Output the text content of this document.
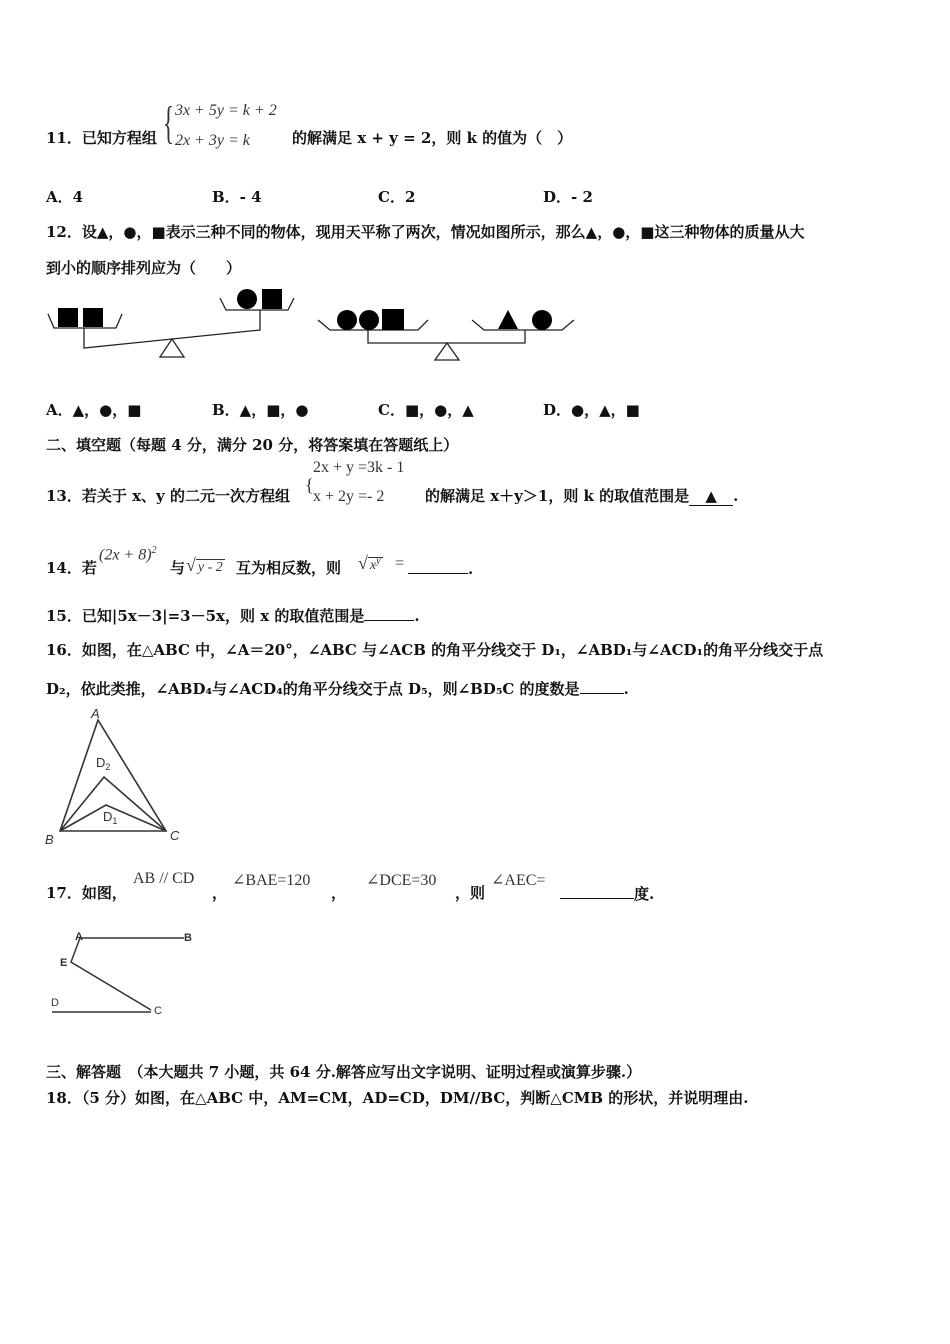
11．已知方程组 { 3x + 5y = k + 2
2x + 3y = k	的解满足 x + y = 2，则 k 的值为（　）
A．4	B．- 4	C．2	D．- 2
12．设▲，●，■表示三种不同的物体，现用天平称了两次，情况如图所示，那么▲，●，■这三种物体的质量从大
到小的顺序排列应为（　　）
A．▲，●，■	B．▲，■，●	C．■，●，▲	D．●，▲，■
二、填空题（每题 4 分，满分 20 分，将答案填在答题纸上）
13．若关于 x、y 的二元一次方程组
{
2x + y =3k - 1
x + 2y =- 2	的解满足 x＋y＞1，则 k 的取值范围是 ▲ .
14．若
$(2x + 8)^2$
与 √ y - 2 互为相反数，则 √ $x^y$ =	.
15．已知|5x－3|=3－5x，则 x 的取值范围是	.
16．如图，在△ABC 中，∠A＝20°，∠ABC 与∠ACB 的角平分线交于 D₁，∠ABD₁与∠ACD₁的角平分线交于点
D₂，依此类推，∠ABD₄与∠ACD₄的角平分线交于点 D₅，则∠BD₅C 的度数是	.
A
B	C
$D_2$
$D_1$
17．如图，
AB // CD
，
∠BAE=120
，
∠DCE=30
，则
∠AEC=
度.
A	B
E
D
C
三、解答题　（本大题共 7 小题，共 64 分.解答应写出文字说明、证明过程或演算步骤.）
18．（5 分）如图，在△ABC 中，AM=CM，AD=CD，DM//BC，判断△CMB 的形状，并说明理由.
